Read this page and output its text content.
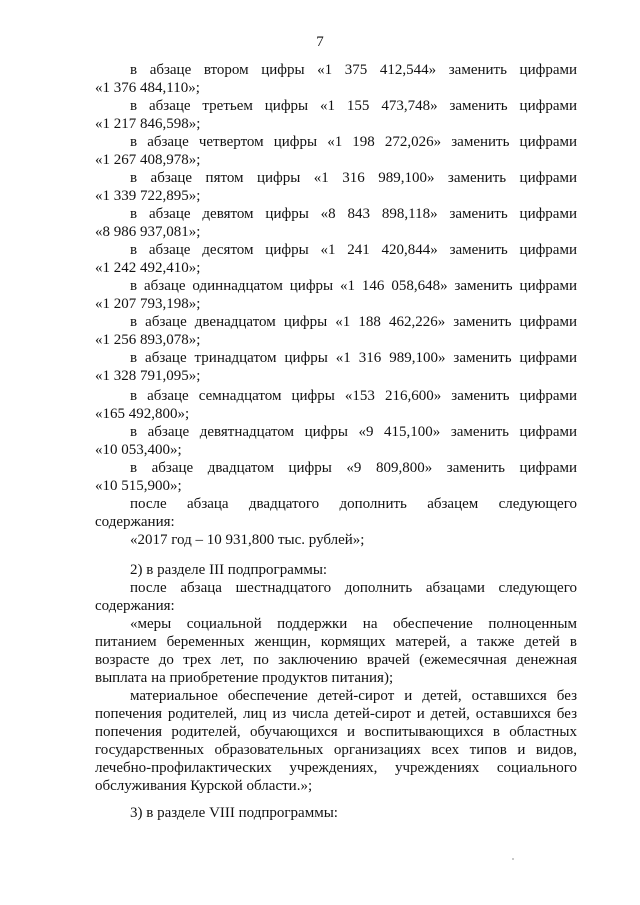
7
в абзаце втором цифры «1 375 412,544» заменить цифрами
«1 376 484,110»;
в абзаце третьем цифры «1 155 473,748» заменить цифрами
«1 217 846,598»;
в абзаце четвертом цифры «1 198 272,026» заменить цифрами
«1 267 408,978»;
в абзаце пятом цифры «1 316 989,100» заменить цифрами
«1 339 722,895»;
в абзаце девятом цифры «8 843 898,118» заменить цифрами
«8 986 937,081»;
в абзаце десятом цифры «1 241 420,844» заменить цифрами
«1 242 492,410»;
в абзаце одиннадцатом цифры «1 146 058,648» заменить цифрами
«1 207 793,198»;
в абзаце двенадцатом цифры «1 188 462,226» заменить цифрами
«1 256 893,078»;
в абзаце тринадцатом цифры «1 316 989,100» заменить цифрами
«1 328 791,095»;
в абзаце семнадцатом цифры «153 216,600» заменить цифрами
«165 492,800»;
в абзаце девятнадцатом цифры «9 415,100» заменить цифрами
«10 053,400»;
в абзаце двадцатом цифры «9 809,800» заменить цифрами
«10 515,900»;
после абзаца двадцатого дополнить абзацем следующего
содержания:
«2017 год – 10 931,800 тыс. рублей»;
2) в разделе III подпрограммы:
после абзаца шестнадцатого дополнить абзацами следующего
содержания:
«меры социальной поддержки на обеспечение полноценным
питанием беременных женщин, кормящих матерей, а также детей в
возрасте до трех лет, по заключению врачей (ежемесячная денежная
выплата на приобретение продуктов питания);
материальное обеспечение детей-сирот и детей, оставшихся без
попечения родителей, лиц из числа детей-сирот и детей, оставшихся без
попечения родителей, обучающихся и воспитывающихся в областных
государственных образовательных организациях всех типов и видов,
лечебно-профилактических учреждениях, учреждениях социального
обслуживания Курской области.»;
3) в разделе VIII подпрограммы:
